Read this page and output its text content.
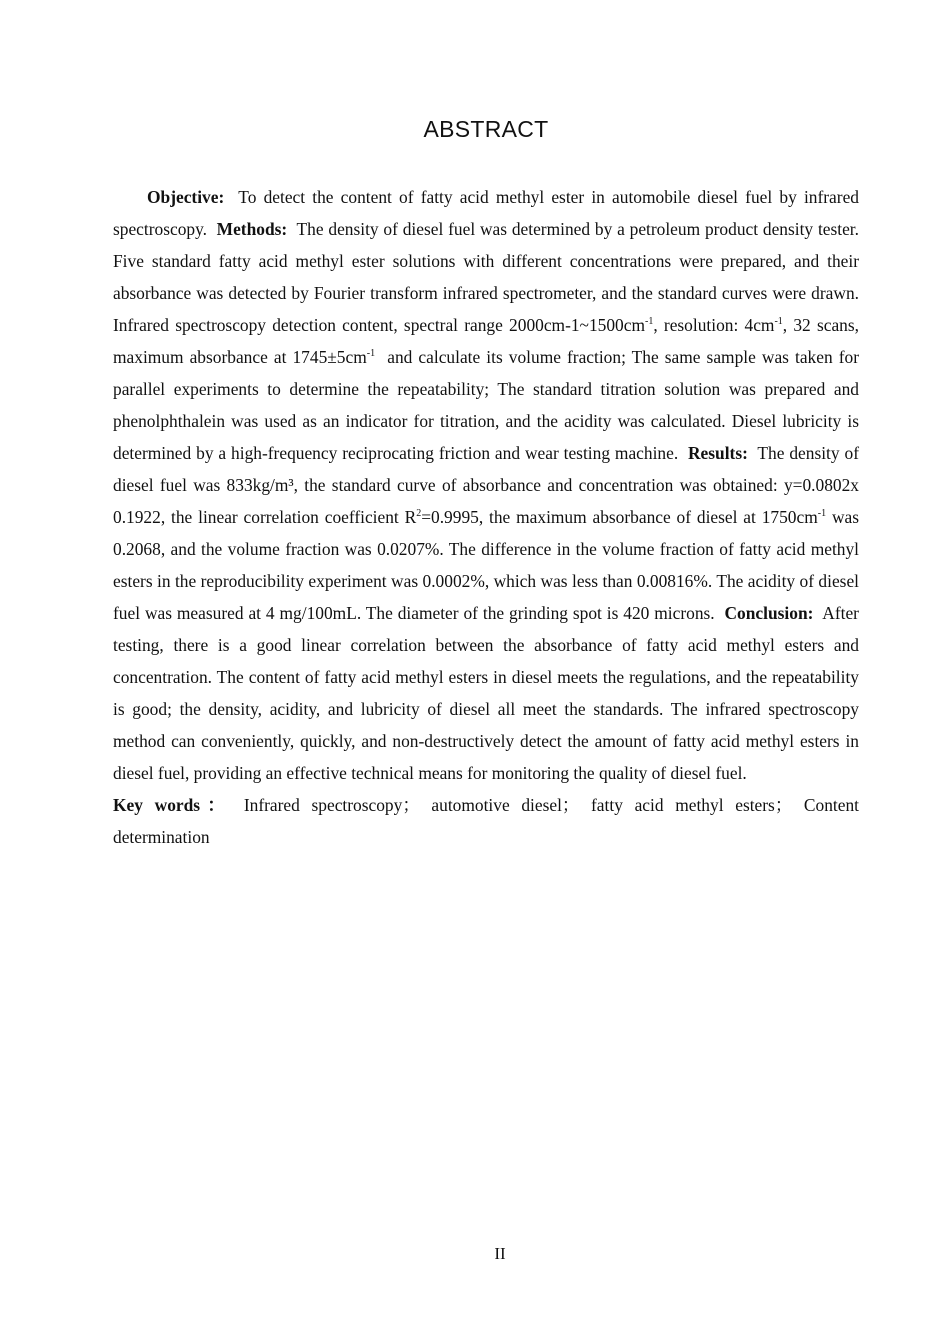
ABSTRACT

Objective: To detect the content of fatty acid methyl ester in automobile diesel fuel by infrared spectroscopy. Methods: The density of diesel fuel was determined by a petroleum product density tester. Five standard fatty acid methyl ester solutions with different concentrations were prepared, and their absorbance was detected by Fourier transform infrared spectrometer, and the standard curves were drawn. Infrared spectroscopy detection content, spectral range $2000cm-1\sim 1500cm^{-1}$, resolution: $4cm^{-1}$, 32 scans, maximum absorbance at $1745\pm 5cm^{-1}$ and calculate its volume fraction; The same sample was taken for parallel experiments to determine the repeatability; The standard titration solution was prepared and phenolphthalein was used as an indicator for titration, and the acidity was calculated. Diesel lubricity is determined by a high-frequency reciprocating friction and wear testing machine. Results: The density of diesel fuel was 833kg/m³, the standard curve of absorbance and concentration was obtained: y=0.0802x 0.1922, the linear correlation coefficient $R^2=0.9995$, the maximum absorbance of diesel at $1750cm^{-1}$ was 0.2068, and the volume fraction was 0.0207%. The difference in the volume fraction of fatty acid methyl esters in the reproducibility experiment was 0.0002%, which was less than 0.00816%. The acidity of diesel fuel was measured at 4 mg/100mL. The diameter of the grinding spot is 420 microns. Conclusion: After testing, there is a good linear correlation between the absorbance of fatty acid methyl esters and concentration. The content of fatty acid methyl esters in diesel meets the regulations, and the repeatability is good; the density, acidity, and lubricity of diesel all meet the standards. The infrared spectroscopy method can conveniently, quickly, and non-destructively detect the amount of fatty acid methyl esters in diesel fuel, providing an effective technical means for monitoring the quality of diesel fuel.

Key words： Infrared spectroscopy； automotive diesel； fatty acid methyl esters； Content determination

II
